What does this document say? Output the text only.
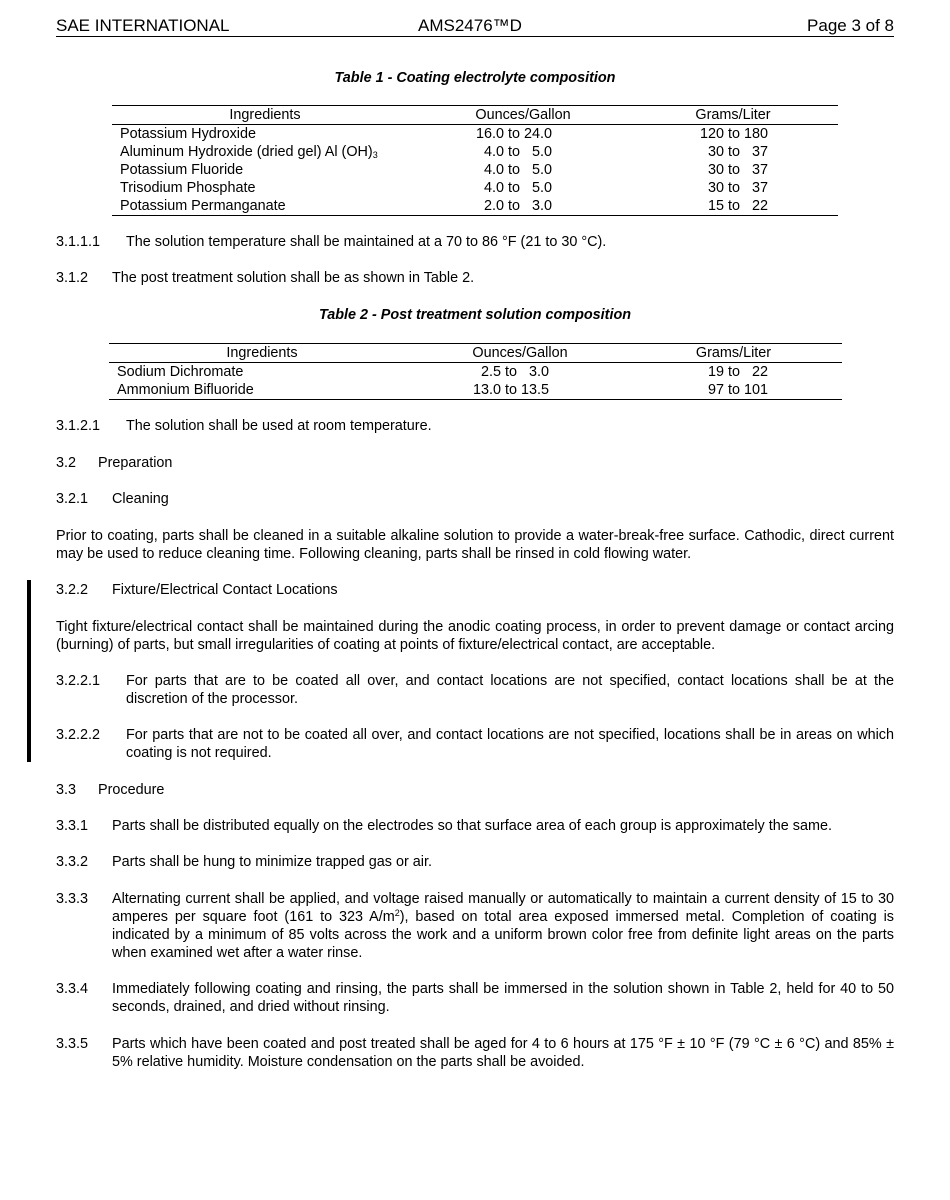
SAE INTERNATIONAL	AMS2476™D	Page 3 of 8
Table 1 - Coating electrolyte composition
Ingredients	Ounces/Gallon	Grams/Liter
Potassium Hydroxide	16.0 to 24.0	120 to 180
Aluminum Hydroxide (dried gel) Al $(OH)_3$	4.0 to   5.0	30 to   37
Potassium Fluoride	4.0 to   5.0	30 to   37
Trisodium Phosphate	4.0 to   5.0	30 to   37
Potassium Permanganate	2.0 to   3.0	15 to   22
3.1.1.1 The solution temperature shall be maintained at a 70 to 86 °F (21 to 30 °C).
3.1.2 The post treatment solution shall be as shown in Table 2.
Table 2 - Post treatment solution composition
Ingredients	Ounces/Gallon	Grams/Liter
Sodium Dichromate	2.5 to   3.0	19 to   22
Ammonium Bifluoride	13.0 to 13.5	97 to 101
3.1.2.1 The solution shall be used at room temperature.
3.2 Preparation
3.2.1 Cleaning
Prior to coating, parts shall be cleaned in a suitable alkaline solution to provide a water-break-free surface. Cathodic, direct current may be used to reduce cleaning time. Following cleaning, parts shall be rinsed in cold flowing water.
3.2.2 Fixture/Electrical Contact Locations
Tight fixture/electrical contact shall be maintained during the anodic coating process, in order to prevent damage or contact arcing (burning) of parts, but small irregularities of coating at points of fixture/electrical contact, are acceptable.
3.2.2.1 For parts that are to be coated all over, and contact locations are not specified, contact locations shall be at the discretion of the processor.
3.2.2.2 For parts that are not to be coated all over, and contact locations are not specified, locations shall be in areas on which coating is not required.
3.3 Procedure
3.3.1 Parts shall be distributed equally on the electrodes so that surface area of each group is approximately the same.
3.3.2 Parts shall be hung to minimize trapped gas or air.
3.3.3 Alternating current shall be applied, and voltage raised manually or automatically to maintain a current density of 15 to 30 amperes per square foot (161 to 323 $A/m^2$), based on total area exposed immersed metal. Completion of coating is indicated by a minimum of 85 volts across the work and a uniform brown color free from definite light areas on the parts when examined wet after a water rinse.
3.3.4 Immediately following coating and rinsing, the parts shall be immersed in the solution shown in Table 2, held for 40 to 50 seconds, drained, and dried without rinsing.
3.3.5 Parts which have been coated and post treated shall be aged for 4 to 6 hours at 175 °F ± 10 °F (79 °C ± 6 °C) and 85% ± 5% relative humidity. Moisture condensation on the parts shall be avoided.
